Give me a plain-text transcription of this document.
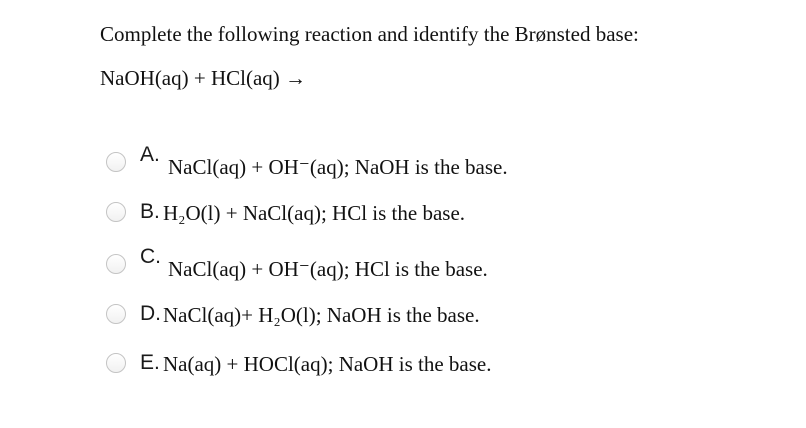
Complete the following reaction and identify the Brønsted base:
NaOH(aq) + HCl(aq) →
A.
NaCl(aq) + OH⁻(aq); NaOH is the base.
B. H₂O(l) + NaCl(aq); HCl is the base.
C.
NaCl(aq) + OH⁻(aq); HCl is the base.
D. NaCl(aq)+ H₂O(l); NaOH is the base.
E. Na(aq) + HOCl(aq); NaOH is the base.
